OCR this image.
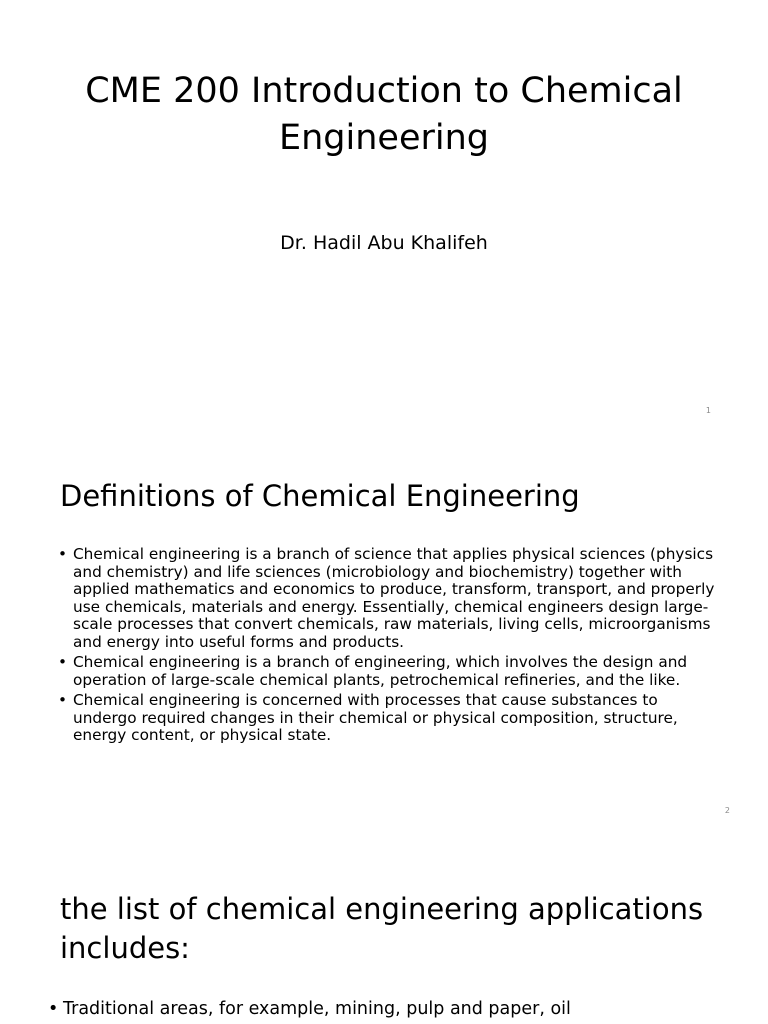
CME 200 Introduction to Chemical Engineering

Dr. Hadil Abu Khalifeh

1
Definitions of Chemical Engineering
• Chemical engineering is a branch of science that applies physical sciences (physics and chemistry) and life sciences (microbiology and biochemistry) together with applied mathematics and economics to produce, transform, transport, and properly use chemicals, materials and energy. Essentially, chemical engineers design large-scale processes that convert chemicals, raw materials, living cells, microorganisms and energy into useful forms and products.
• Chemical engineering is a branch of engineering, which involves the design and operation of large-scale chemical plants, petrochemical refineries, and the like.
• Chemical engineering is concerned with processes that cause substances to undergo required changes in their chemical or physical composition, structure, energy content, or physical state.
2
the list of chemical engineering applications includes:
• Traditional areas, for example, mining, pulp and paper, oil
